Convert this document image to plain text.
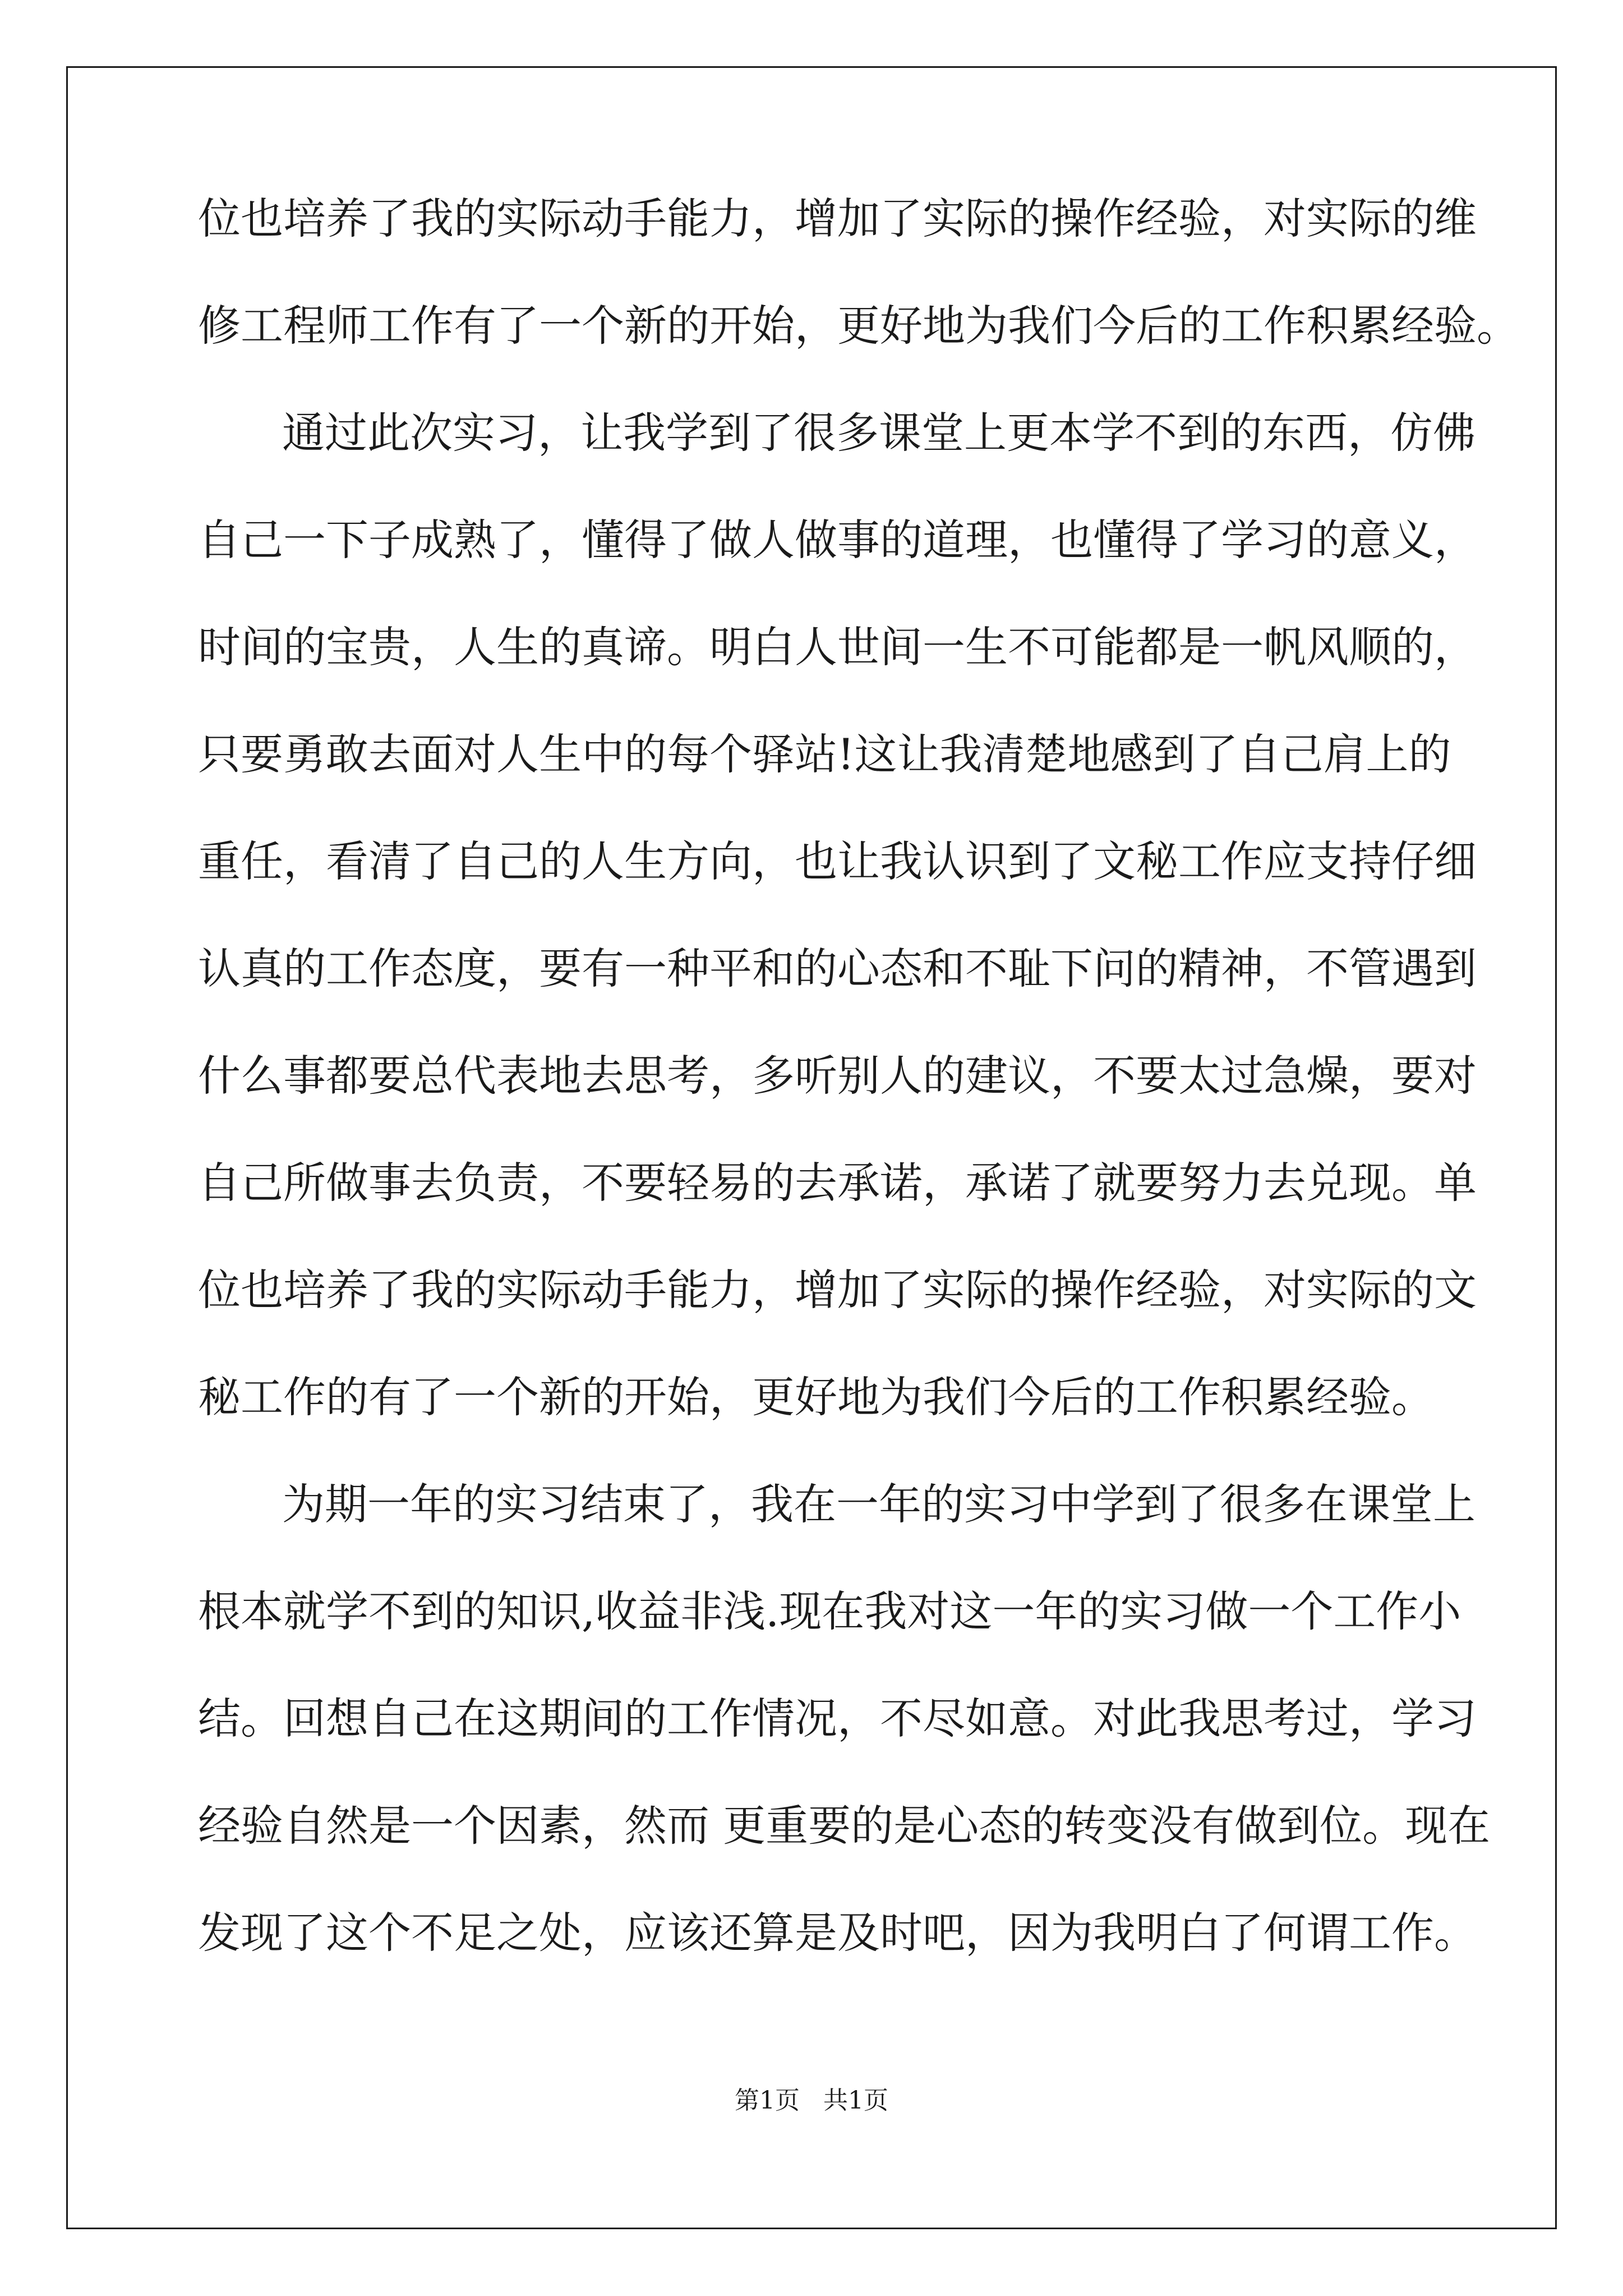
位也培养了我的实际动手能力，增加了实际的操作经验，对实际的维
修工程师工作有了一个新的开始，更好地为我们今后的工作积累经验。
通过此次实习，让我学到了很多课堂上更本学不到的东西，仿佛
自己一下子成熟了，懂得了做人做事的道理，也懂得了学习的意义，
时间的宝贵，人生的真谛。明白人世间一生不可能都是一帆风顺的，
只要勇敢去面对人生中的每个驿站!这让我清楚地感到了自己肩上的
重任，看清了自己的人生方向，也让我认识到了文秘工作应支持仔细
认真的工作态度，要有一种平和的心态和不耻下问的精神，不管遇到
什么事都要总代表地去思考，多听别人的建议，不要太过急燥，要对
自己所做事去负责，不要轻易的去承诺，承诺了就要努力去兑现。单
位也培养了我的实际动手能力，增加了实际的操作经验，对实际的文
秘工作的有了一个新的开始，更好地为我们今后的工作积累经验。
为期一年的实习结束了，我在一年的实习中学到了很多在课堂上
根本就学不到的知识,收益非浅.现在我对这一年的实习做一个工作小
结。回想自己在这期间的工作情况，不尽如意。对此我思考过，学习
经验自然是一个因素，然而 更重要的是心态的转变没有做到位。现在
发现了这个不足之处，应该还算是及时吧，因为我明白了何谓工作。
第1页   共1页
